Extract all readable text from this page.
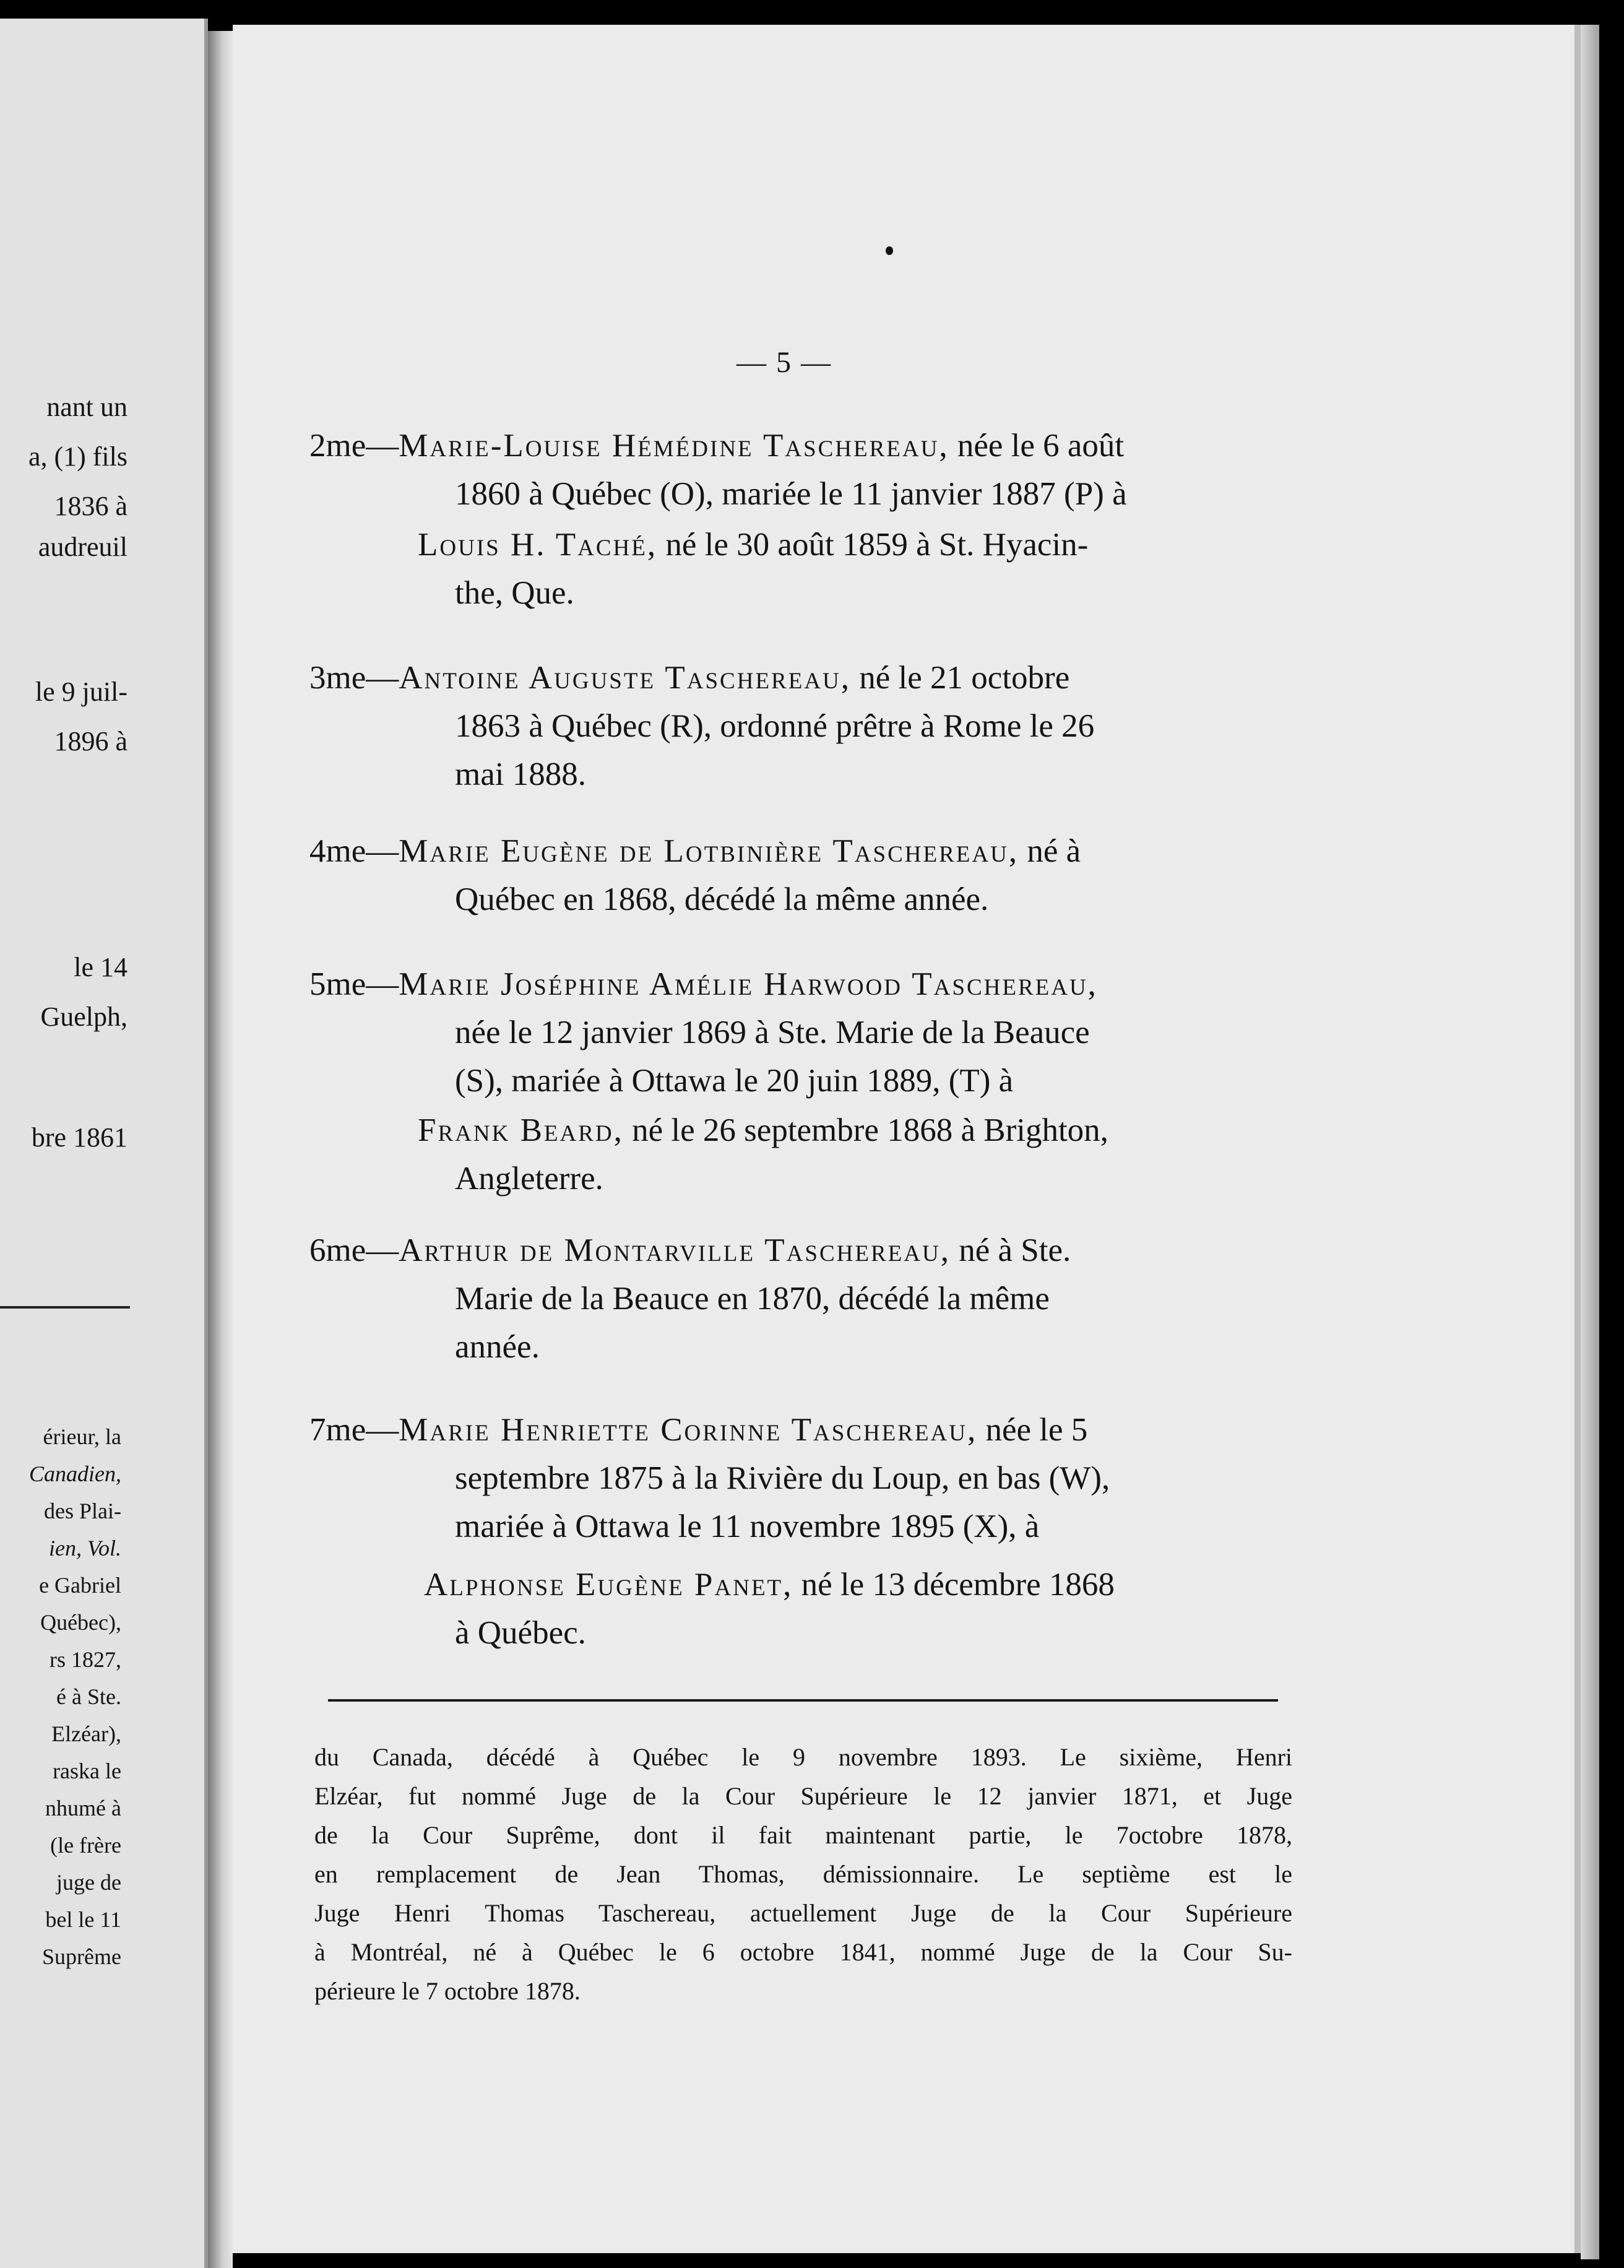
nant un
a, (1) fils
1836 à
audreuil
le 9 juil-
1896 à
le 14
Guelph,
bre 1861
érieur, la
Canadien,
des Plai-
ien, Vol.
e Gabriel
Québec),
rs 1827,
é à Ste.
Elzéar),
raska le
nhumé à
(le frère
juge de
bel le 11
Suprême
— 5 —
2me—Marie-Louise Hémédine Taschereau, née le 6 août
1860 à Québec (O), mariée le 11 janvier 1887 (P) à
Louis H. Taché, né le 30 août 1859 à St. Hyacin-
the, Que.
3me—Antoine Auguste Taschereau, né le 21 octobre
1863 à Québec (R), ordonné prêtre à Rome le 26
mai 1888.
4me—Marie Eugène de Lotbinière Taschereau, né à
Québec en 1868, décédé la même année.
5me—Marie Joséphine Amélie Harwood Taschereau,
née le 12 janvier 1869 à Ste. Marie de la Beauce
(S), mariée à Ottawa le 20 juin 1889, (T) à
Frank Beard, né le 26 septembre 1868 à Brighton,
Angleterre.
6me—Arthur de Montarville Taschereau, né à Ste.
Marie de la Beauce en 1870, décédé la même
année.
7me—Marie Henriette Corinne Taschereau, née le 5
septembre 1875 à la Rivière du Loup, en bas (W),
mariée à Ottawa le 11 novembre 1895 (X), à
Alphonse Eugène Panet, né le 13 décembre 1868
à Québec.
du Canada, décédé à Québec le 9 novembre 1893. Le sixième, Henri
Elzéar, fut nommé Juge de la Cour Supérieure le 12 janvier 1871, et Juge
de la Cour Suprême, dont il fait maintenant partie, le 7octobre 1878,
en remplacement de Jean Thomas, démissionnaire. Le septième est le
Juge Henri Thomas Taschereau, actuellement Juge de la Cour Supérieure
à Montréal, né à Québec le 6 octobre 1841, nommé Juge de la Cour Su-
périeure le 7 octobre 1878.
